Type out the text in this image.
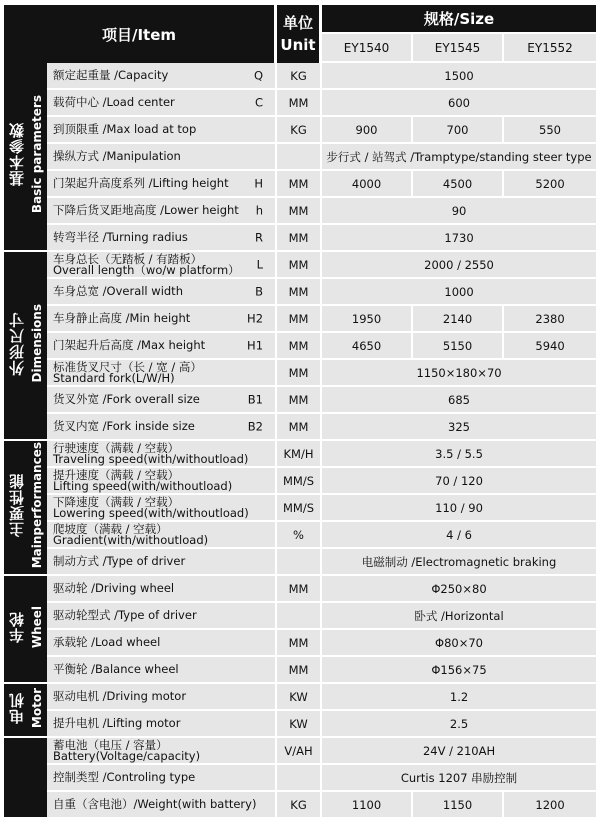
项目/Item		单位
Unit	规格/Size		
			EY1540	EY1545	EY1552
基本参数 Basic parameters	额定起重量 /Capacity Q	KG	1500		

	载荷中心 /Load center C	MM	600		

	到顶限重 /Max load at top	KG	900	700	550

	操纵方式 /Manipulation		步行式 / 站驾式 /Tramptype/standing steer type		

	门架起升高度系列 /Lifting height H	MM	4000	4500	5200

	下降后货叉距地高度 /Lower height h	MM	90		

	转弯半径 /Turning radius R	MM	1730		
外形尺寸 Dimensions	车身总长（无踏板 / 有踏板）
Overall length（wo/w platform） L	MM	2000 / 2550		

	车身总宽 /Overall width B	MM	1000		

	车身静止高度 /Min height H2	MM	1950	2140	2380

	门架起升后高度 /Max height H1	MM	4650	5150	5940

	标准货叉尺寸（长 / 宽 / 高）
Standard fork(L/W/H)	MM	1150×180×70		

	货叉外宽 /Fork overall size B1	MM	685		

	货叉内宽 /Fork inside size B2	MM	325		
主要性能 Mainperformances	行驶速度（满载 / 空载）
Traveling speed(with/withoutload)	KM/H	3.5 / 5.5		

	提升速度（满载 / 空载）
Lifting speed(with/withoutload)	MM/S	70 / 120		

	下降速度（满载 / 空载）
Lowering speed(with/withoutload)	MM/S	110 / 90		

	爬坡度（满载 / 空载）
Gradient(with/withoutload)	%	4 / 6		

	制动方式 /Type of driver		电磁制动 /Electromagnetic braking		
车轮 Wheel	驱动轮 /Driving wheel	MM	Φ250×80		

	驱动轮型式 /Type of driver		卧式 /Horizontal		

	承载轮 /Load wheel	MM	Φ80×70		

	平衡轮 /Balance wheel	MM	Φ156×75		
电机 Motor	驱动电机 /Driving motor	KW	1.2		

	提升电机 /Lifting motor	KW	2.5		

	蓄电池（电压 / 容量）
Battery(Voltage/capacity)	V/AH	24V / 210AH		

	控制类型 /Controling type		Curtis 1207 串励控制		

	自重（含电池）/Weight(with battery)	KG	1100	1150	1200
